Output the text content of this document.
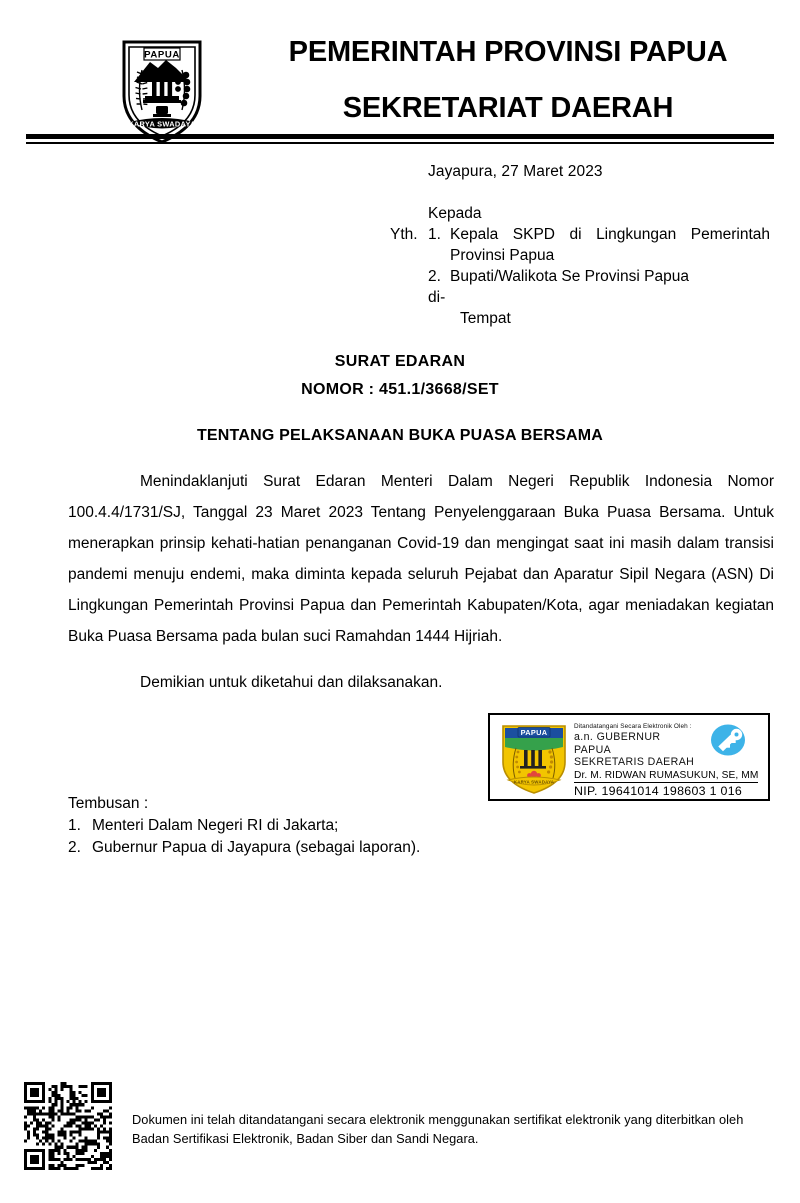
PAPUA
KARYA SWADAYA
PEMERINTAH PROVINSI PAPUA
SEKRETARIAT DAERAH
Jayapura, 27 Maret 2023
Kepada
Yth. 1. Kepala SKPD di Lingkungan Pemerintah
Provinsi Papua
2. Bupati/Walikota Se Provinsi Papua
di-
Tempat
SURAT EDARAN
NOMOR : 451.1/3668/SET
TENTANG PELAKSANAAN BUKA PUASA BERSAMA
Menindaklanjuti Surat Edaran Menteri Dalam Negeri Republik Indonesia Nomor 100.4.4/1731/SJ, Tanggal 23 Maret 2023 Tentang Penyelenggaraan Buka Puasa Bersama. Untuk menerapkan prinsip kehati-hatian penanganan Covid-19 dan mengingat saat ini masih dalam transisi pandemi menuju endemi, maka diminta kepada seluruh Pejabat dan Aparatur Sipil Negara (ASN) Di Lingkungan Pemerintah Provinsi Papua dan Pemerintah Kabupaten/Kota, agar meniadakan kegiatan Buka Puasa Bersama pada bulan suci Ramahdan 1444 Hijriah.
Demikian untuk diketahui dan dilaksanakan.
PAPUA
KARYA SWADAYA
Ditandatangani Secara Elektronik Oleh :
a.n. GUBERNUR PAPUA
SEKRETARIS DAERAH
Dr. M. RIDWAN RUMASUKUN, SE, MM
NIP. 19641014 198603 1 016
Tembusan :
1. Menteri Dalam Negeri RI di Jakarta;
2. Gubernur Papua di Jayapura (sebagai laporan).
Dokumen ini telah ditandatangani secara elektronik menggunakan sertifikat elektronik yang diterbitkan oleh
Badan Sertifikasi Elektronik, Badan Siber dan Sandi Negara.
